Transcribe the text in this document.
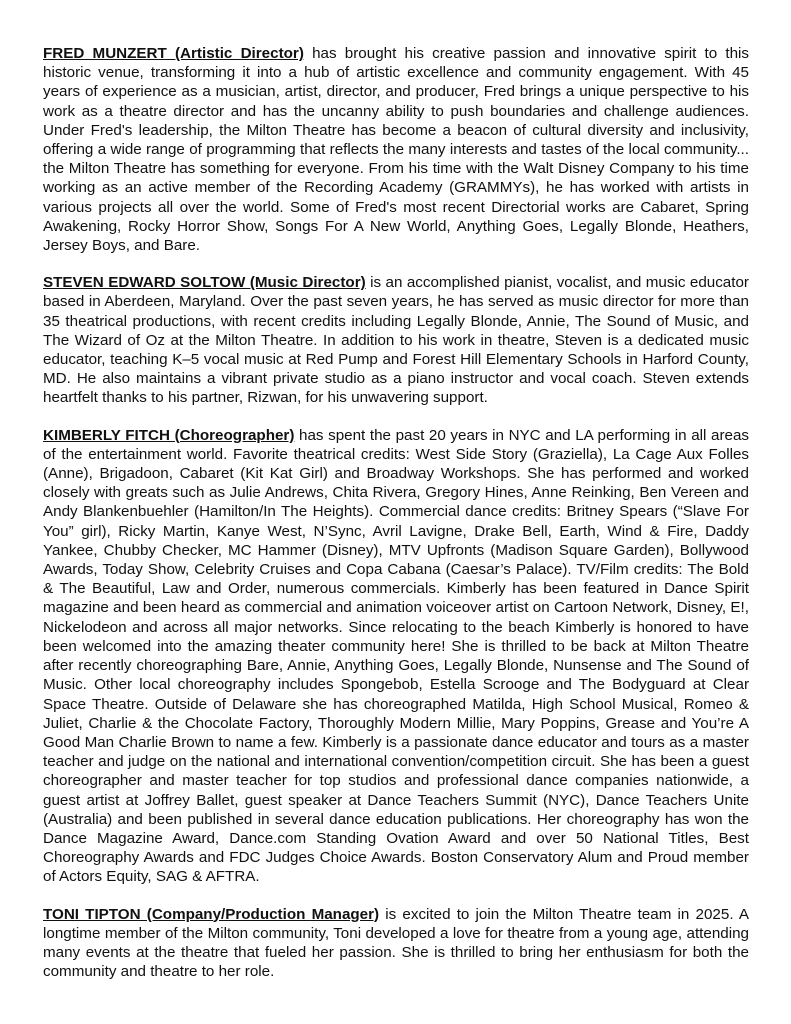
FRED MUNZERT (Artistic Director) has brought his creative passion and innovative spirit to this historic venue, transforming it into a hub of artistic excellence and community engagement. With 45 years of experience as a musician, artist, director, and producer, Fred brings a unique perspective to his work as a theatre director and has the uncanny ability to push boundaries and challenge audiences. Under Fred's leadership, the Milton Theatre has become a beacon of cultural diversity and inclusivity, offering a wide range of programming that reflects the many interests and tastes of the local community... the Milton Theatre has something for everyone. From his time with the Walt Disney Company to his time working as an active member of the Recording Academy (GRAMMYs), he has worked with artists in various projects all over the world. Some of Fred's most recent Directorial works are Cabaret, Spring Awakening, Rocky Horror Show, Songs For A New World, Anything Goes, Legally Blonde, Heathers, Jersey Boys, and Bare.

STEVEN EDWARD SOLTOW (Music Director) is an accomplished pianist, vocalist, and music educator based in Aberdeen, Maryland. Over the past seven years, he has served as music director for more than 35 theatrical productions, with recent credits including Legally Blonde, Annie, The Sound of Music, and The Wizard of Oz at the Milton Theatre. In addition to his work in theatre, Steven is a dedicated music educator, teaching K–5 vocal music at Red Pump and Forest Hill Elementary Schools in Harford County, MD. He also maintains a vibrant private studio as a piano instructor and vocal coach. Steven extends heartfelt thanks to his partner, Rizwan, for his unwavering support.

KIMBERLY FITCH (Choreographer) has spent the past 20 years in NYC and LA performing in all areas of the entertainment world. Favorite theatrical credits: West Side Story (Graziella), La Cage Aux Folles (Anne), Brigadoon, Cabaret (Kit Kat Girl) and Broadway Workshops. She has performed and worked closely with greats such as Julie Andrews, Chita Rivera, Gregory Hines, Anne Reinking, Ben Vereen and Andy Blankenbuehler (Hamilton/In The Heights). Commercial dance credits: Britney Spears (“Slave For You” girl), Ricky Martin, Kanye West, N’Sync, Avril Lavigne, Drake Bell, Earth, Wind & Fire, Daddy Yankee, Chubby Checker, MC Hammer (Disney), MTV Upfronts (Madison Square Garden), Bollywood Awards, Today Show, Celebrity Cruises and Copa Cabana (Caesar’s Palace). TV/Film credits: The Bold & The Beautiful, Law and Order, numerous commercials. Kimberly has been featured in Dance Spirit magazine and been heard as commercial and animation voiceover artist on Cartoon Network, Disney, E!, Nickelodeon and across all major networks. Since relocating to the beach Kimberly is honored to have been welcomed into the amazing theater community here! She is thrilled to be back at Milton Theatre after recently choreographing Bare, Annie, Anything Goes, Legally Blonde, Nunsense and The Sound of Music. Other local choreography includes Spongebob, Estella Scrooge and The Bodyguard at Clear Space Theatre. Outside of Delaware she has choreographed Matilda, High School Musical, Romeo & Juliet, Charlie & the Chocolate Factory, Thoroughly Modern Millie, Mary Poppins, Grease and You’re A Good Man Charlie Brown to name a few. Kimberly is a passionate dance educator and tours as a master teacher and judge on the national and international convention/competition circuit. She has been a guest choreographer and master teacher for top studios and professional dance companies nationwide, a guest artist at Joffrey Ballet, guest speaker at Dance Teachers Summit (NYC), Dance Teachers Unite (Australia) and been published in several dance education publications. Her choreography has won the Dance Magazine Award, Dance.com Standing Ovation Award and over 50 National Titles, Best Choreography Awards and FDC Judges Choice Awards. Boston Conservatory Alum and Proud member of Actors Equity, SAG & AFTRA.

TONI TIPTON (Company/Production Manager) is excited to join the Milton Theatre team in 2025. A longtime member of the Milton community, Toni developed a love for theatre from a young age, attending many events at the theatre that fueled her passion. She is thrilled to bring her enthusiasm for both the community and theatre to her role.
